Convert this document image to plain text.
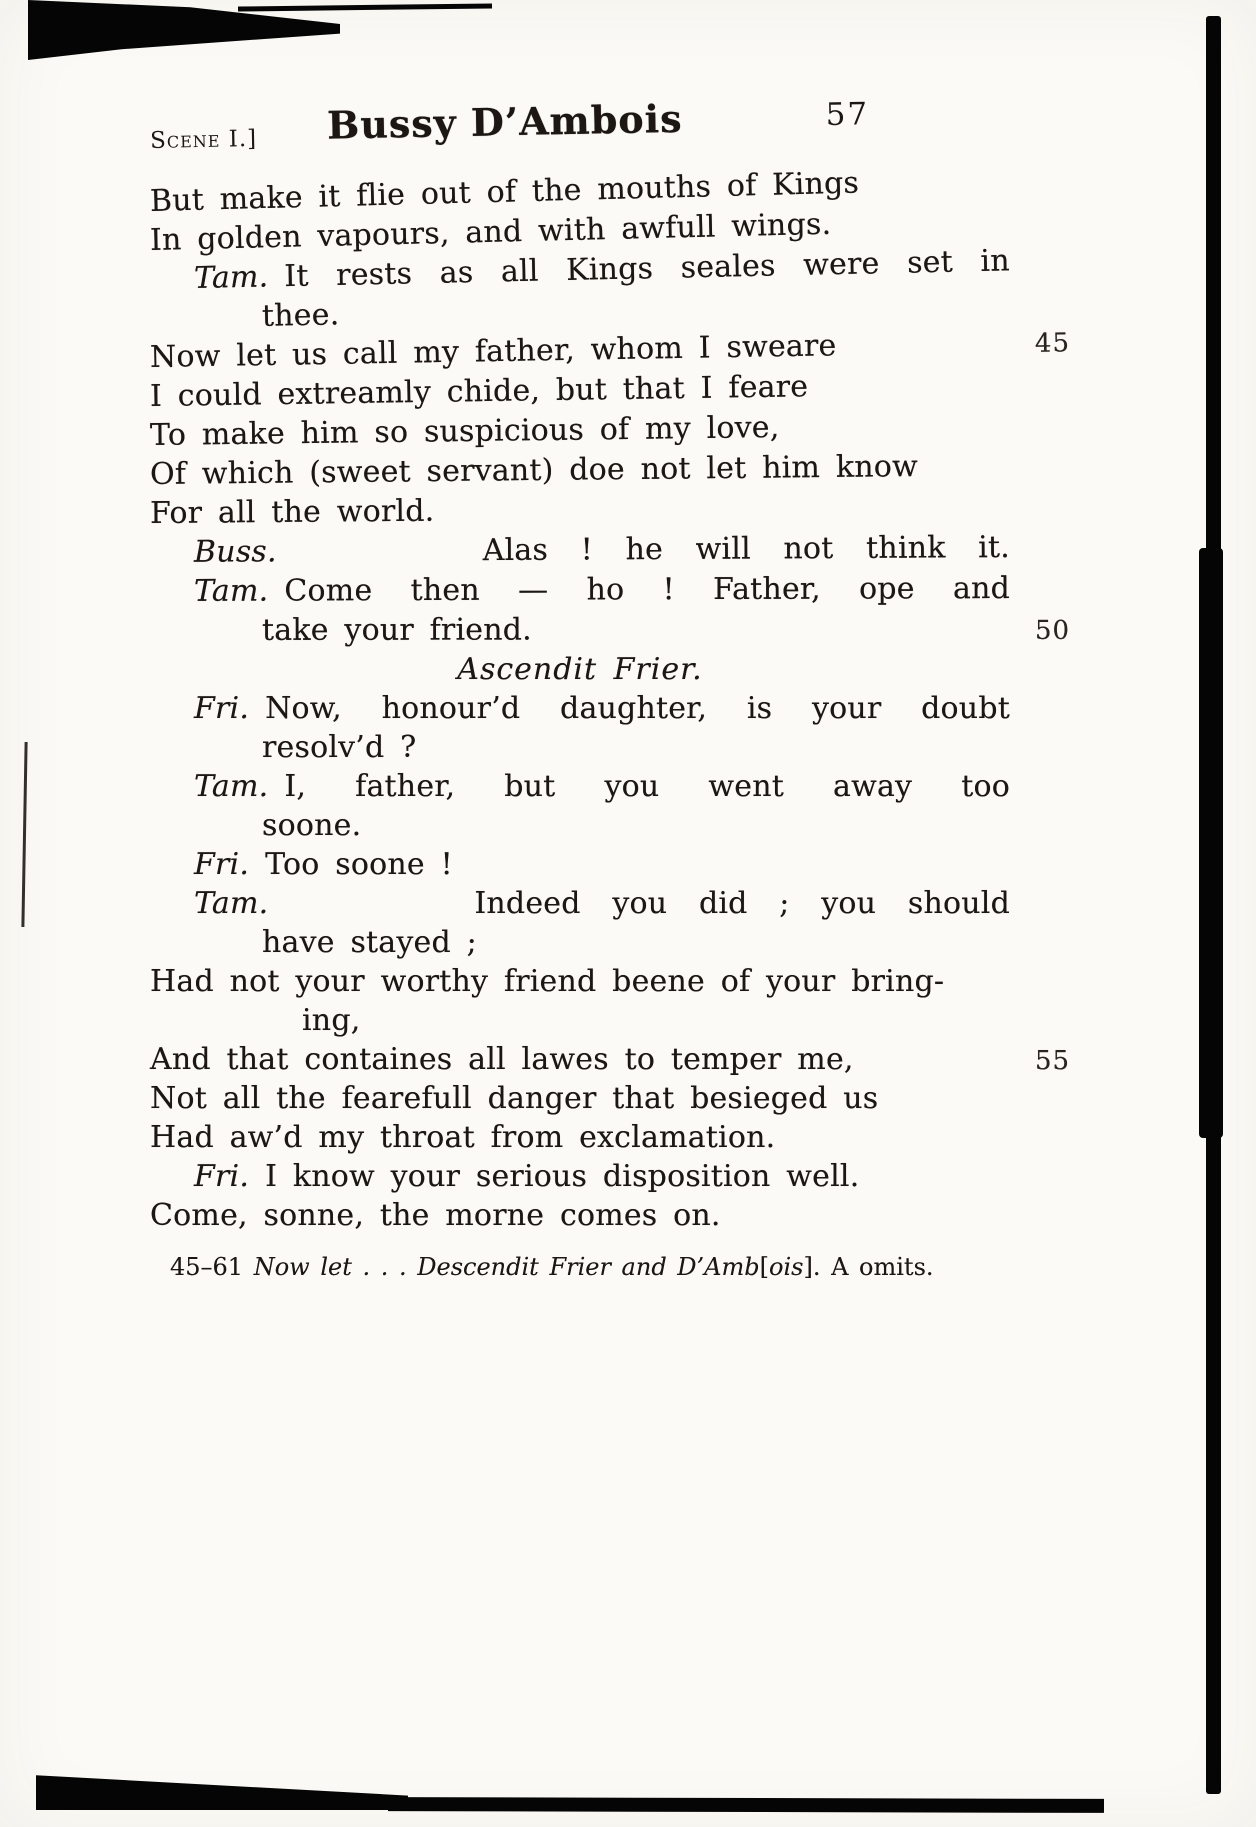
Scene I.]	Bussy D’Ambois	57
But make it flie out of the mouths of Kings
In golden vapours, and with awfull wings.
Tam. It rests as all Kings seales were set in
thee.
Now let us call my father, whom I sweare	45
I could extreamly chide, but that I feare
To make him so suspicious of my love,
Of which (sweet servant) doe not let him know
For all the world.
Buss.	Alas ! he will not think it.
Tam. Come then — ho ! Father, ope and
take your friend.	50
Ascendit Frier.
Fri. Now, honour’d daughter, is your doubt
resolv’d ?
Tam. I, father, but you went away too
soone.
Fri. Too soone !
Tam.	Indeed you did ; you should
have stayed ;
Had not your worthy friend beene of your bring-
ing,
And that containes all lawes to temper me,	55
Not all the fearefull danger that besieged us
Had aw’d my throat from exclamation.
Fri. I know your serious disposition well.
Come, sonne, the morne comes on.
45–61 Now let . . . Descendit Frier and D’Amb[ois]. A omits.
